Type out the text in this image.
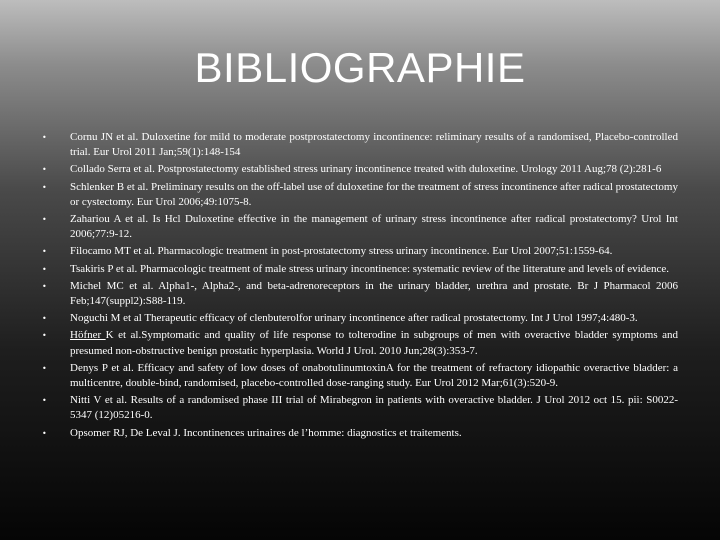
BIBLIOGRAPHIE
• Cornu JN et al. Duloxetine for mild to moderate postprostatectomy incontinence: reliminary results of a randomised, Placebo-controlled trial. Eur Urol 2011 Jan;59(1):148-154
• Collado Serra et al. Postprostatectomy established stress urinary incontinence treated with duloxetine. Urology 2011 Aug;78 (2):281-6
• Schlenker B et al. Preliminary results on the off-label use of duloxetine for the treatment of stress incontinence after radical prostatectomy or cystectomy. Eur Urol 2006;49:1075-8.
• Zahariou A et al. Is Hcl Duloxetine effective in the management of urinary stress incontinence after radical prostatectomy? Urol Int 2006;77:9-12.
• Filocamo MT et al. Pharmacologic treatment in post-prostatectomy stress urinary incontinence. Eur Urol 2007;51:1559-64.
• Tsakiris P et al. Pharmacologic treatment of male stress urinary incontinence: systematic review of the litterature and levels of evidence.
• Michel MC et al. Alpha1-, Alpha2-, and beta-adrenoreceptors in the urinary bladder, urethra and prostate. Br J Pharmacol 2006 Feb;147(suppl2):S88-119.
• Noguchi M et al Therapeutic efficacy of clenbuterolfor urinary incontinence after radical prostatectomy. Int J Urol 1997;4:480-3.
• Höfner K et al.Symptomatic and quality of life response to tolterodine in subgroups of men with overactive bladder symptoms and presumed non-obstructive benign prostatic hyperplasia. World J Urol. 2010 Jun;28(3):353-7.
• Denys P et al. Efficacy and safety of low doses of onabotulinumtoxinA for the treatment of refractory idiopathic overactive bladder: a multicentre, double-bind, randomised, placebo-controlled dose-ranging study. Eur Urol 2012 Mar;61(3):520-9.
• Nitti V et al. Results of a randomised phase III trial of Mirabegron in patients with overactive bladder. J Urol 2012 oct 15. pii: S0022-5347 (12)05216-0.
• Opsomer RJ, De Leval J. Incontinences urinaires de l’homme: diagnostics et traitements.
